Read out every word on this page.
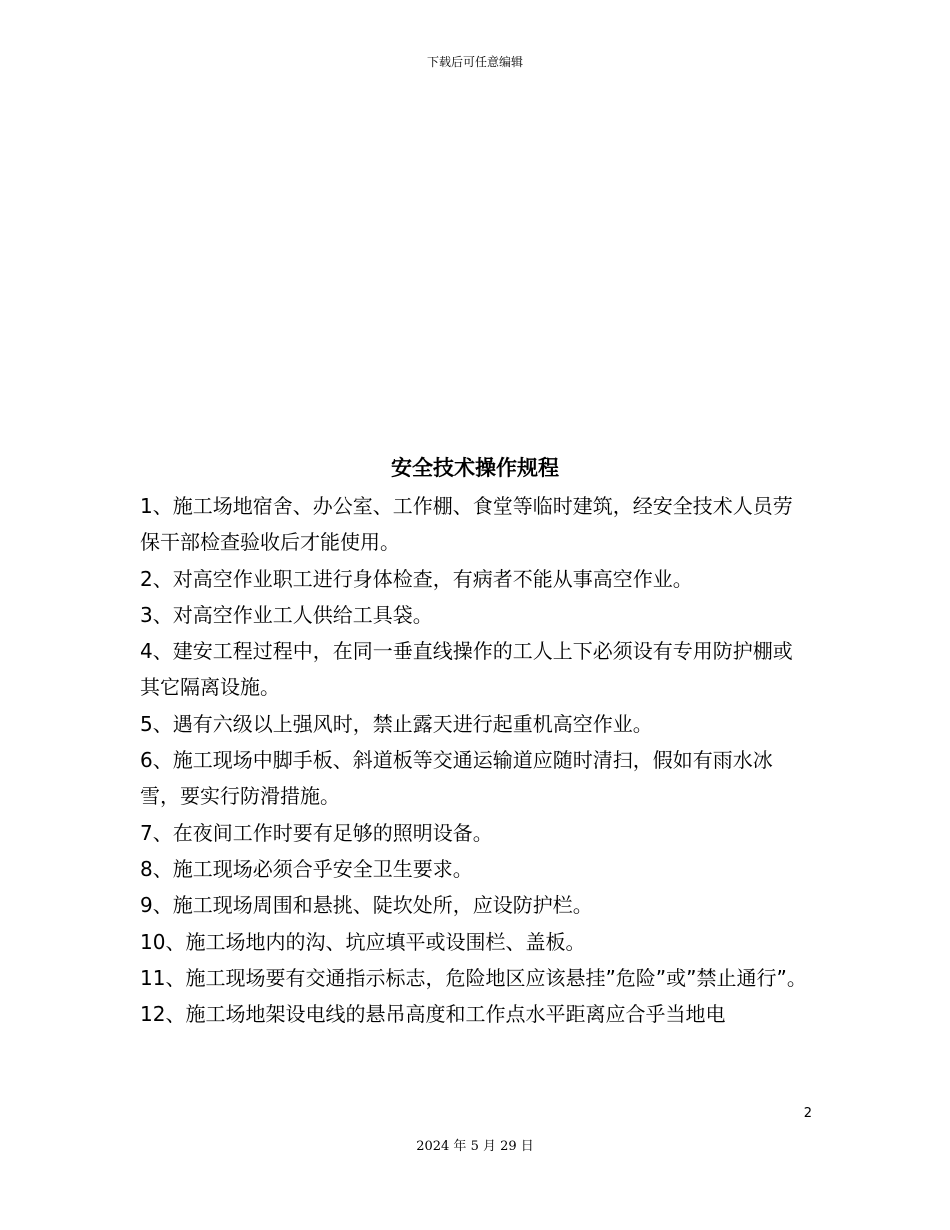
下载后可任意编辑
安全技术操作规程
1、施工场地宿舍、办公室、工作棚、食堂等临时建筑，经安全技术人员劳保干部检查验收后才能使用。
2、对高空作业职工进行身体检查，有病者不能从事高空作业。
3、对高空作业工人供给工具袋。
4、建安工程过程中，在同一垂直线操作的工人上下必须设有专用防护棚或其它隔离设施。
5、遇有六级以上强风时，禁止露天进行起重机高空作业。
6、施工现场中脚手板、斜道板等交通运输道应随时清扫，假如有雨水冰雪，要实行防滑措施。
7、在夜间工作时要有足够的照明设备。
8、施工现场必须合乎安全卫生要求。
9、施工现场周围和悬挑、陡坎处所，应设防护栏。
10、施工场地内的沟、坑应填平或设围栏、盖板。
11、施工现场要有交通指示标志，危险地区应该悬挂”危险”或”禁止通行”。
12、施工场地架设电线的悬吊高度和工作点水平距离应合乎当地电
2
2024 年 5 月 29 日
